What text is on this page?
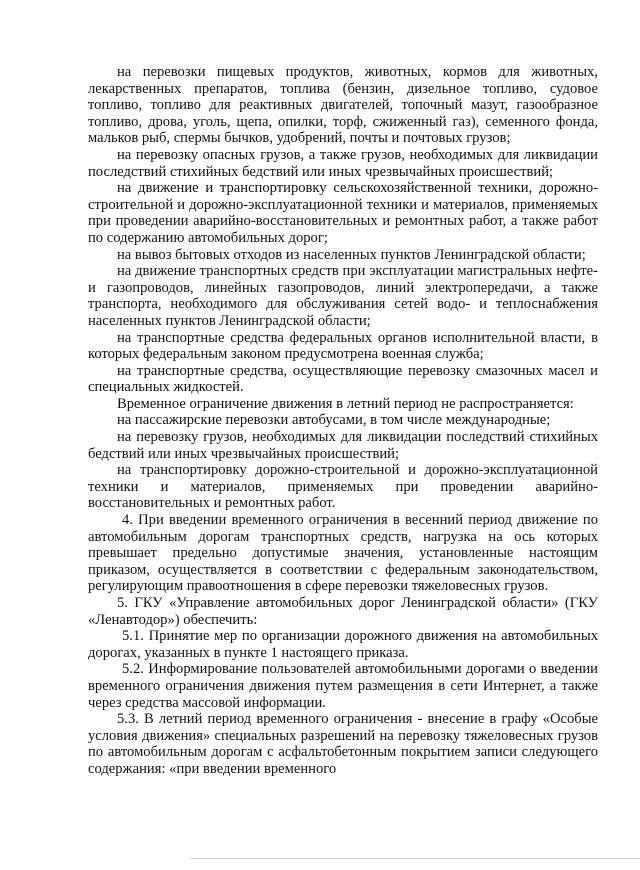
на перевозки пищевых продуктов, животных, кормов для животных, лекарственных препаратов, топлива (бензин, дизельное топливо, судовое топливо, топливо для реактивных двигателей, топочный мазут, газообразное топливо, дрова, уголь, щепа, опилки, торф, сжиженный газ), семенного фонда, мальков рыб, спермы бычков, удобрений, почты и почтовых грузов;

на перевозку опасных грузов, а также грузов, необходимых для ликвидации последствий стихийных бедствий или иных чрезвычайных происшествий;

на движение и транспортировку сельскохозяйственной техники, дорожно-строительной и дорожно-эксплуатационной техники и материалов, применяемых при проведении аварийно-восстановительных и ремонтных работ, а также работ по содержанию автомобильных дорог;

на вывоз бытовых отходов из населенных пунктов Ленинградской области;

на движение транспортных средств при эксплуатации магистральных нефте- и газопроводов, линейных газопроводов, линий электропередачи, а также транспорта, необходимого для обслуживания сетей водо- и теплоснабжения населенных пунктов Ленинградской области;

на транспортные средства федеральных органов исполнительной власти, в которых федеральным законом предусмотрена военная служба;

на транспортные средства, осуществляющие перевозку смазочных масел и специальных жидкостей.

Временное ограничение движения в летний период не распространяется:

на пассажирские перевозки автобусами, в том числе международные;

на перевозку грузов, необходимых для ликвидации последствий стихийных бедствий или иных чрезвычайных происшествий;

на транспортировку дорожно-строительной и дорожно-эксплуатационной техники и материалов, применяемых при проведении аварийно-восстановительных и ремонтных работ.

4. При введении временного ограничения в весенний период движение по автомобильным дорогам транспортных средств, нагрузка на ось которых превышает предельно допустимые значения, установленные настоящим приказом, осуществляется в соответствии с федеральным законодательством, регулирующим правоотношения в сфере перевозки тяжеловесных грузов.

5. ГКУ «Управление автомобильных дорог Ленинградской области» (ГКУ «Ленавтодор») обеспечить:

5.1. Принятие мер по организации дорожного движения на автомобильных дорогах, указанных в пункте 1 настоящего приказа.

5.2. Информирование пользователей автомобильными дорогами о введении временного ограничения движения путем размещения в сети Интернет, а также через средства массовой информации.

5.3. В летний период временного ограничения - внесение в графу «Особые условия движения» специальных разрешений на перевозку тяжеловесных грузов по автомобильным дорогам с асфальтобетонным покрытием записи следующего содержания: «при введении временного
